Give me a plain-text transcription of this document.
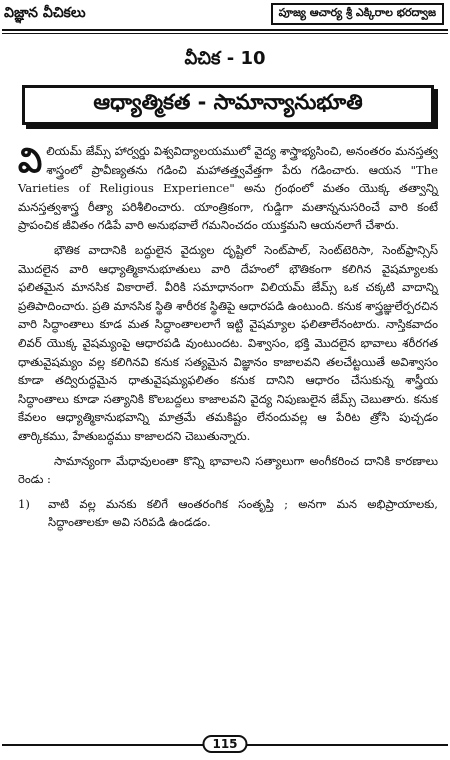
విజ్ఞాన వీచికలు	పూజ్య ఆచార్య శ్రీ ఎక్కిరాల భరద్వాజ
వీచిక - 10
ఆధ్యాత్మికత - సామాన్యానుభూతి

విలియమ్ జేమ్స్ హార్వర్డు విశ్వవిద్యాలయములో వైద్య శాస్త్రాభ్యసించి, అనంతరం మనస్తత్వ శాస్త్రంలో ప్రావీణ్యతను గడించి మహాతత్త్వవేత్తగా పేరు గడించారు. ఆయన "The Varieties of Religious Experience" అను గ్రంథంలో మతం యొక్క తత్వాన్ని మనస్తత్వశాస్త్ర రీత్యా పరిశీలించారు. యాంత్రికంగా, గుడ్డిగా మతాన్ననుసరించే వారి కంటే ప్రాపంచిక జీవితం గడిపే వారి అనుభవాలే గమనించదం యుక్తమని ఆయనలాగే చేశారు.

భౌతిక వాదానికి బద్ధులైన వైద్యుల దృష్టిలో సెంట్‌పాల్, సెంట్‌టెరిసా, సెంట్‌ఫ్రాన్సిస్ మొదలైన వారి ఆధ్యాత్మికానుభూతులు వారి దేహంలో భౌతికంగా కలిగిన వైషమ్యాలకు ఫలితమైన మానసిక వికారాలే. వీరికి సమాధానంగా విలియమ్ జేమ్స్ ఒక చక్కటి వాదాన్ని ప్రతిపాదించారు. ప్రతి మానసిక స్థితి శారీరక స్థితిపై ఆధారపడి ఉంటుంది. కనుక శాస్త్రజ్ఞులేర్పరచిన వారి సిద్ధాంతాలు కూడ మత సిద్ధాంతాలలాగే ఇట్టి వైషమ్యాల ఫలితాలేనంటారు. నాస్తికవాదం లివర్ యొక్క వైషమ్యంపై ఆధారపడి వుంటుందట. విశ్వాసం, భక్తి మొదలైన భావాలు శరీరగత ధాతువైషమ్యం వల్ల కలిగినవి కనుక సత్యమైన విజ్ఞానం కాజాలవని తలచేట్టయితే అవిశ్వాసం కూడా తద్విరుద్ధమైన ధాతువైషమ్యఫలితం కనుక దానిని ఆధారం చేసుకున్న శాస్త్రీయ సిద్ధాంతాలు కూడా సత్యానికి కొలబద్దలు కాజాలవని వైద్య నిపుణులైన జేమ్స్ చెబుతారు. కనుక కేవలం ఆధ్యాత్మికానుభవాన్ని మాత్రమే తమకిష్టం లేనందువల్ల ఆ పేరిట త్రోసి పుచ్చడం తార్కికము, హేతుబద్ధము కాజాలదని చెబుతున్నారు.

సామాన్యంగా మేధావులంతా కొన్ని భావాలని సత్యాలుగా అంగీకరించ దానికి కారణాలు రెండు :

1)	వాటి వల్ల మనకు కలిగే ఆంతరంగిక సంతృప్తి ; అనగా మన అభిప్రాయాలకు, సిద్ధాంతాలకూ అవి సరిపడి ఉండడం.
115
